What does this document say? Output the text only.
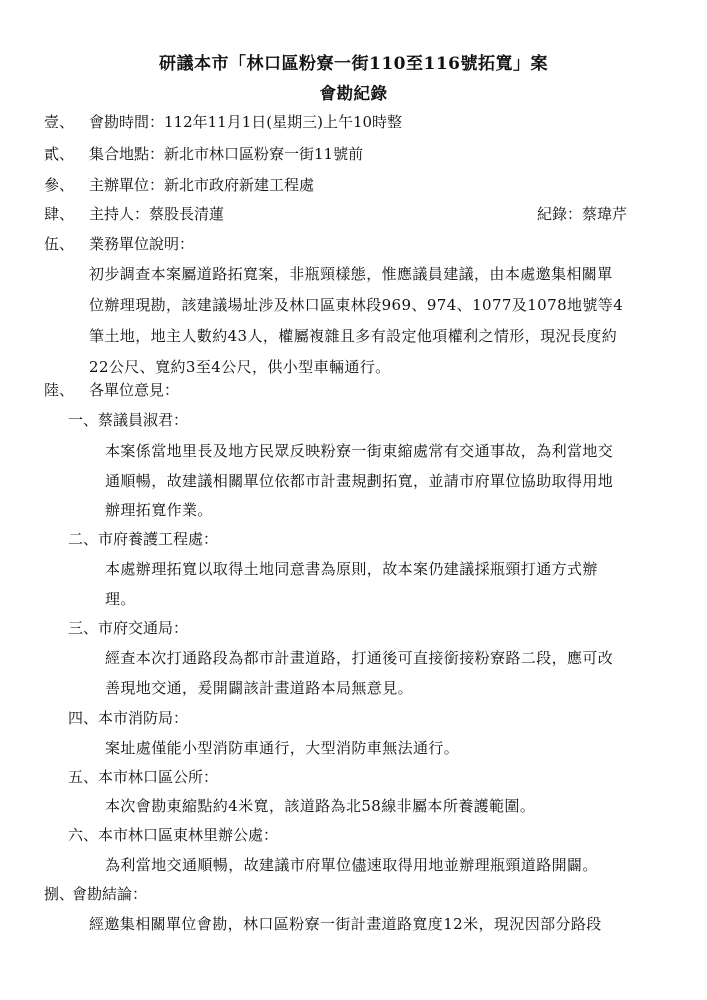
研議本市「林口區粉寮一街110至116號拓寬」案
會勘紀錄
壹、 會勘時間：112年11月1日(星期三)上午10時整
貳、 集合地點：新北市林口區粉寮一街11號前
參、 主辦單位：新北市政府新建工程處
肆、 主持人：蔡股長清蓮	紀錄：蔡瑋芹
伍、 業務單位說明：
初步調查本案屬道路拓寬案，非瓶頸樣態，惟應議員建議，由本處邀集相關單
位辦理現勘，該建議場址涉及林口區東林段969、974、1077及1078地號等4
筆土地，地主人數約43人，權屬複雜且多有設定他項權利之情形，現況長度約
22公尺、寬約3至4公尺，供小型車輛通行。
陸、 各單位意見：
一、蔡議員淑君：
本案係當地里長及地方民眾反映粉寮一街東縮處常有交通事故，為利當地交
通順暢，故建議相關單位依都市計畫規劃拓寬，並請市府單位協助取得用地
辦理拓寬作業。
二、市府養護工程處：
本處辦理拓寬以取得土地同意書為原則，故本案仍建議採瓶頸打通方式辦
理。
三、市府交通局：
經查本次打通路段為都市計畫道路，打通後可直接銜接粉寮路二段，應可改
善現地交通，爰開闢該計畫道路本局無意見。
四、本市消防局：
案址處僅能小型消防車通行，大型消防車無法通行。
五、本市林口區公所：
本次會勘東縮點約4米寬，該道路為北58線非屬本所養護範圍。
六、本市林口區東林里辦公處：
為利當地交通順暢，故建議市府單位儘速取得用地並辦理瓶頸道路開闢。
捌、
會勘結論：
經邀集相關單位會勘，林口區粉寮一街計畫道路寬度12米，現況因部分路段
